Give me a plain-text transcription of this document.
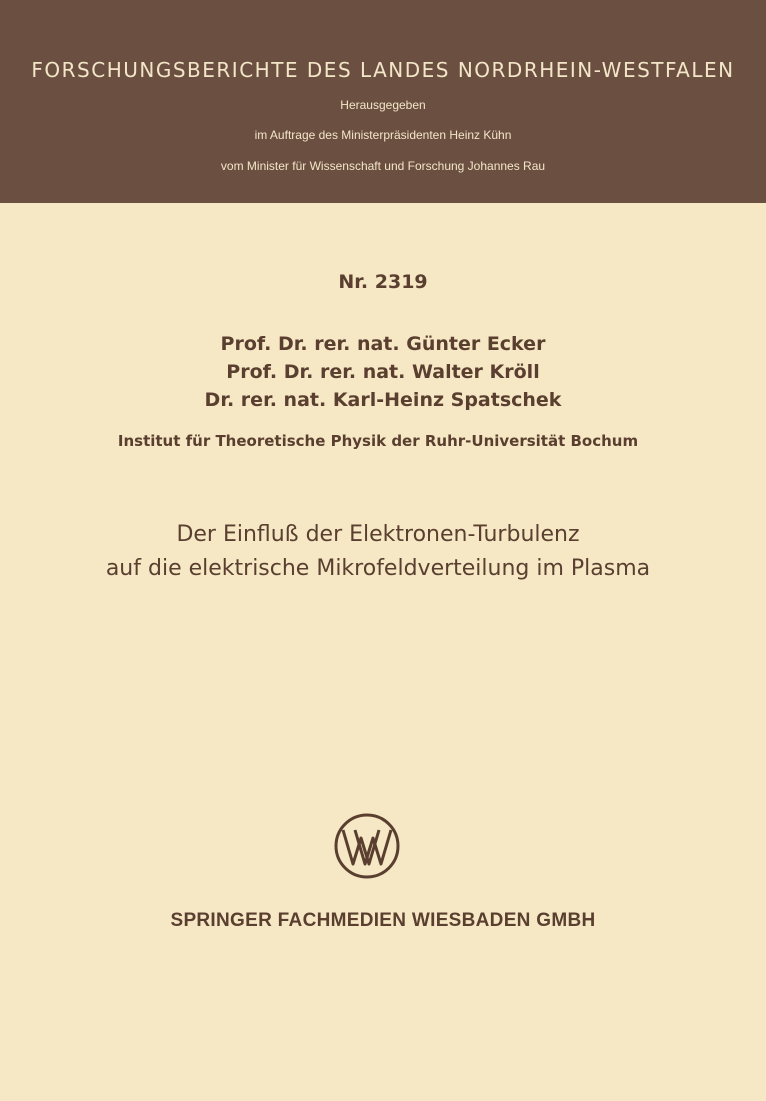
FORSCHUNGSBERICHTE DES LANDES NORDRHEIN-WESTFALEN
Herausgegeben
im Auftrage des Ministerpräsidenten Heinz Kühn
vom Minister für Wissenschaft und Forschung Johannes Rau
Nr. 2319
Prof. Dr. rer. nat. Günter Ecker
Prof. Dr. rer. nat. Walter Kröll
Dr. rer. nat. Karl-Heinz Spatschek
Institut für Theoretische Physik der Ruhr-Universität Bochum
Der Einfluß der Elektronen-Turbulenz
auf die elektrische Mikrofeldverteilung im Plasma
SPRINGER FACHMEDIEN WIESBADEN GMBH
